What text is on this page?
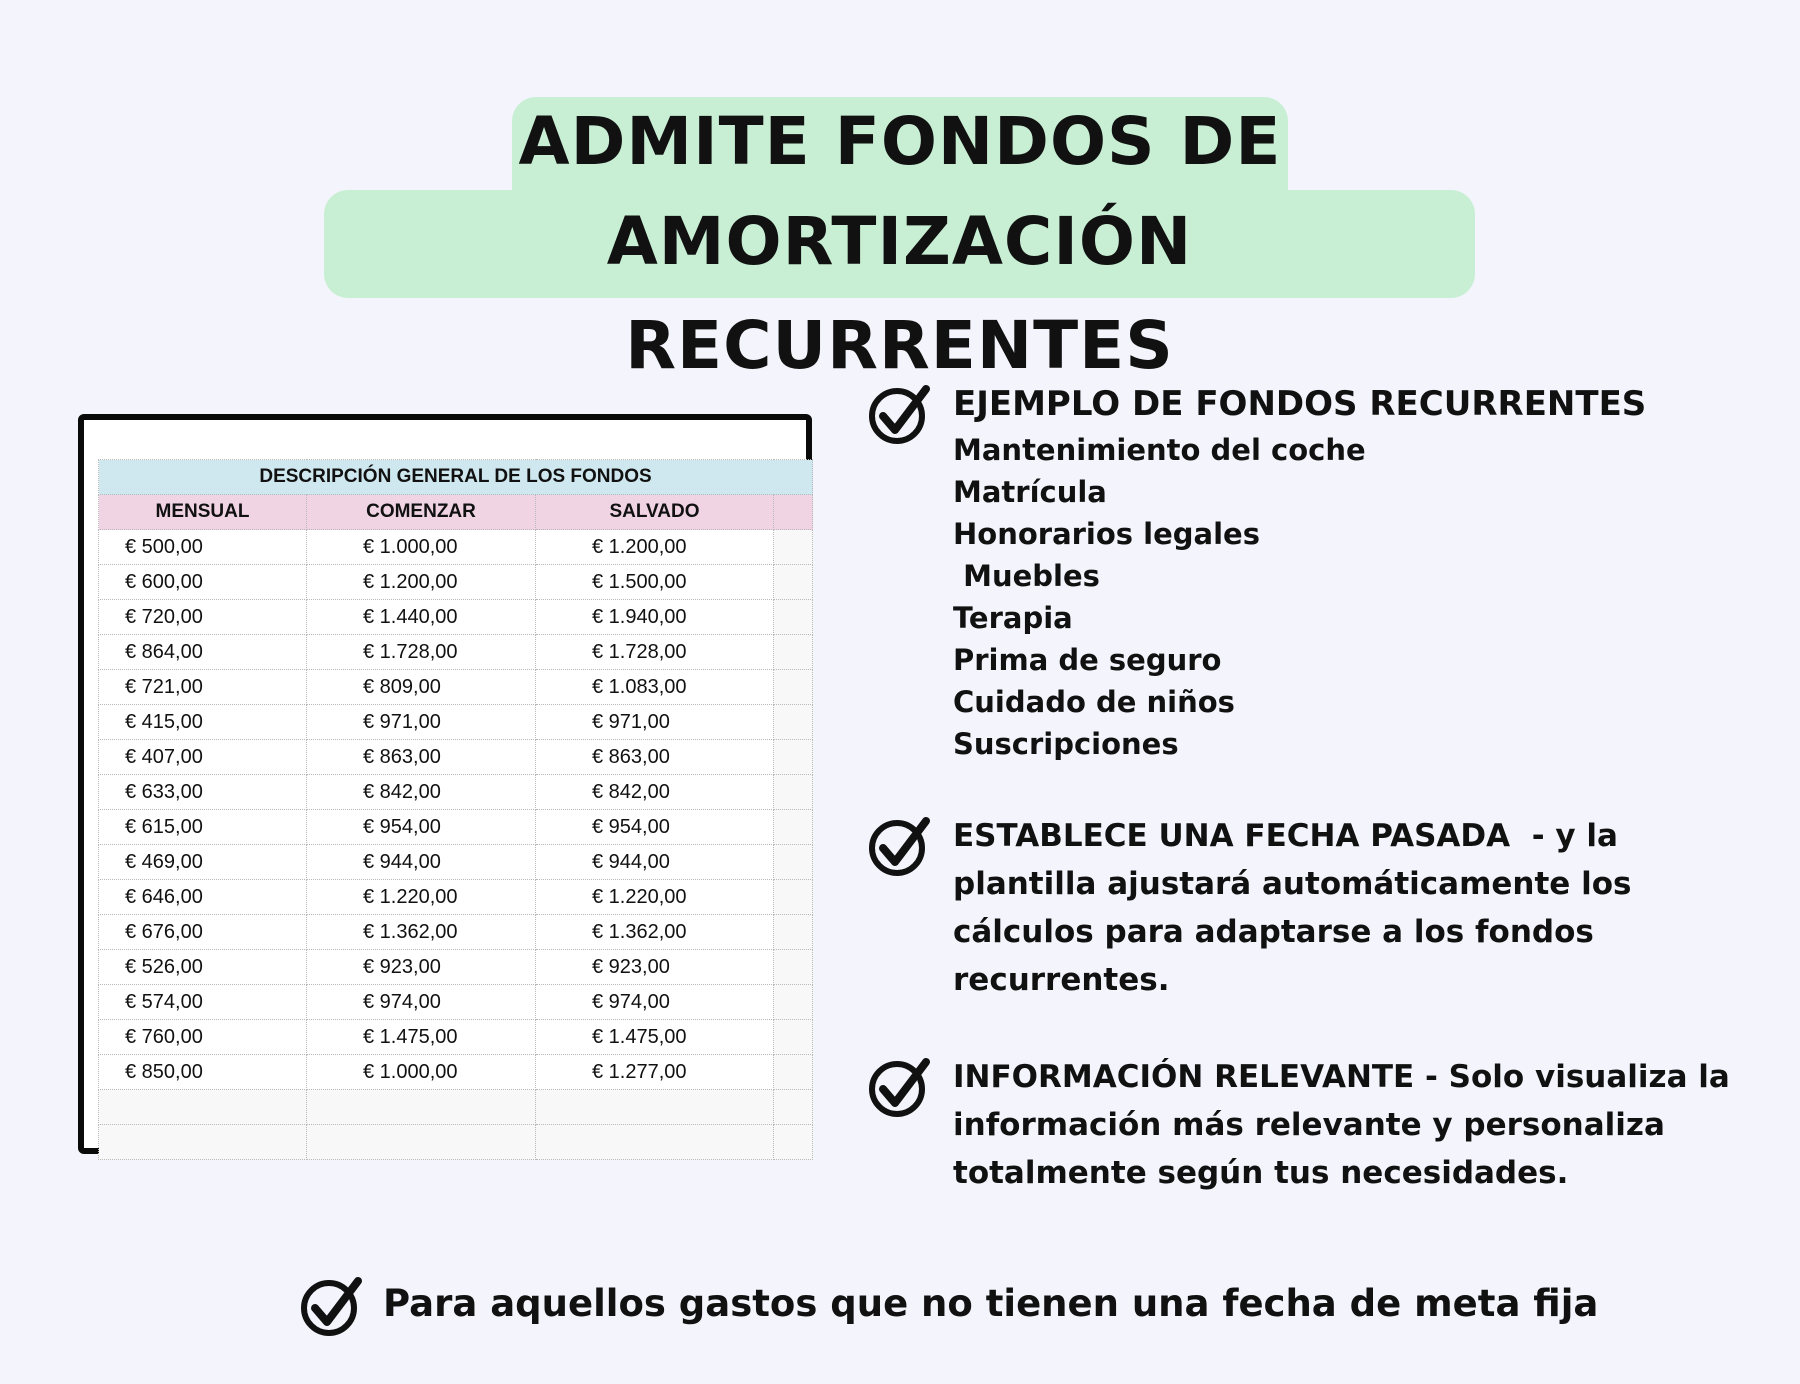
ADMITE FONDOS DE
AMORTIZACIÓN RECURRENTES
DESCRIPCIÓN GENERAL DE LOS FONDOS			
MENSUAL	COMENZAR	SALVADO	
€ 500,00	€ 1.000,00	€ 1.200,00	
€ 600,00	€ 1.200,00	€ 1.500,00	
€ 720,00	€ 1.440,00	€ 1.940,00	
€ 864,00	€ 1.728,00	€ 1.728,00	
€ 721,00	€ 809,00	€ 1.083,00	
€ 415,00	€ 971,00	€ 971,00	
€ 407,00	€ 863,00	€ 863,00	
€ 633,00	€ 842,00	€ 842,00	
€ 615,00	€ 954,00	€ 954,00	
€ 469,00	€ 944,00	€ 944,00	
€ 646,00	€ 1.220,00	€ 1.220,00	
€ 676,00	€ 1.362,00	€ 1.362,00	
€ 526,00	€ 923,00	€ 923,00	
€ 574,00	€ 974,00	€ 974,00	
€ 760,00	€ 1.475,00	€ 1.475,00	
€ 850,00	€ 1.000,00	€ 1.277,00	

EJEMPLO DE FONDOS RECURRENTES
Mantenimiento del coche
Matrícula
Honorarios legales
Muebles
Terapia
Prima de seguro
Cuidado de niños
Suscripciones
ESTABLECE UNA FECHA PASADA  - y la
plantilla ajustará automáticamente los
cálculos para adaptarse a los fondos
recurrentes.
INFORMACIÓN RELEVANTE - Solo visualiza la
información más relevante y personaliza
totalmente según tus necesidades.
Para aquellos gastos que no tienen una fecha de meta fija
